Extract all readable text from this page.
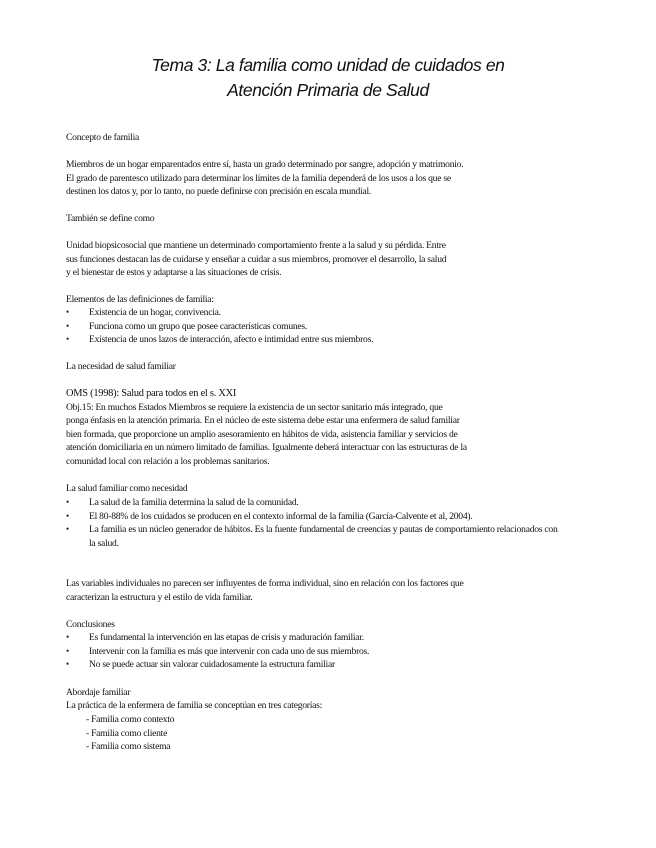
Tema 3: La familia como unidad de cuidados en
Atención Primaria de Salud

Concepto de familia

Miembros de un hogar emparentados entre sí, hasta un grado determinado por sangre, adopción y matrimonio.

El grado de parentesco utilizado para determinar los límites de la familia dependerá de los usos a los que se

destinen los datos y, por lo tanto, no puede definirse con precisión en escala mundial.

También se define como

Unidad biopsicosocial que mantiene un determinado comportamiento frente a la salud y su pérdida. Entre

sus funciones destacan las de cuidarse y enseñar a cuidar a sus miembros, promover el desarrollo, la salud

y el bienestar de estos y adaptarse a las situaciones de crisis.

Elementos de las definiciones de familia:

• Existencia de un hogar, convivencia.
• Funciona como un grupo que posee características comunes.
• Existencia de unos lazos de interacción, afecto e intimidad entre sus miembros.

La necesidad de salud familiar

OMS (1998): Salud para todos en el s. XXI

Obj.15: En muchos Estados Miembros se requiere la existencia de un sector sanitario más integrado, que

ponga énfasis en la atención primaria. En el núcleo de este sistema debe estar una enfermera de salud familiar

bien formada, que proporcione un amplio asesoramiento en hábitos de vida, asistencia familiar y servicios de

atención domiciliaria en un número limitado de familias. Igualmente deberá interactuar con las estructuras de la

comunidad local con relación a los problemas sanitarios.

La salud familiar como necesidad

• La salud de la familia determina la salud de la comunidad.
• El 80-88% de los cuidados se producen en el contexto informal de la familia (García-Calvente et al, 2004).
• La familia es un núcleo generador de hábitos. Es la fuente fundamental de creencias y pautas de comportamiento relacionados con la salud.

Las variables individuales no parecen ser influyentes de forma individual, sino en relación con los factores que

caracterizan la estructura y el estilo de vida familiar.

Conclusiones

• Es fundamental la intervención en las etapas de crisis y maduración familiar.
• Intervenir con la familia es más que intervenir con cada uno de sus miembros.
• No se puede actuar sin valorar cuidadosamente la estructura familiar

Abordaje familiar

La práctica de la enfermera de familia se conceptúan en tres categorías:

- Familia como contexto
- Familia como cliente
- Familia como sistema
